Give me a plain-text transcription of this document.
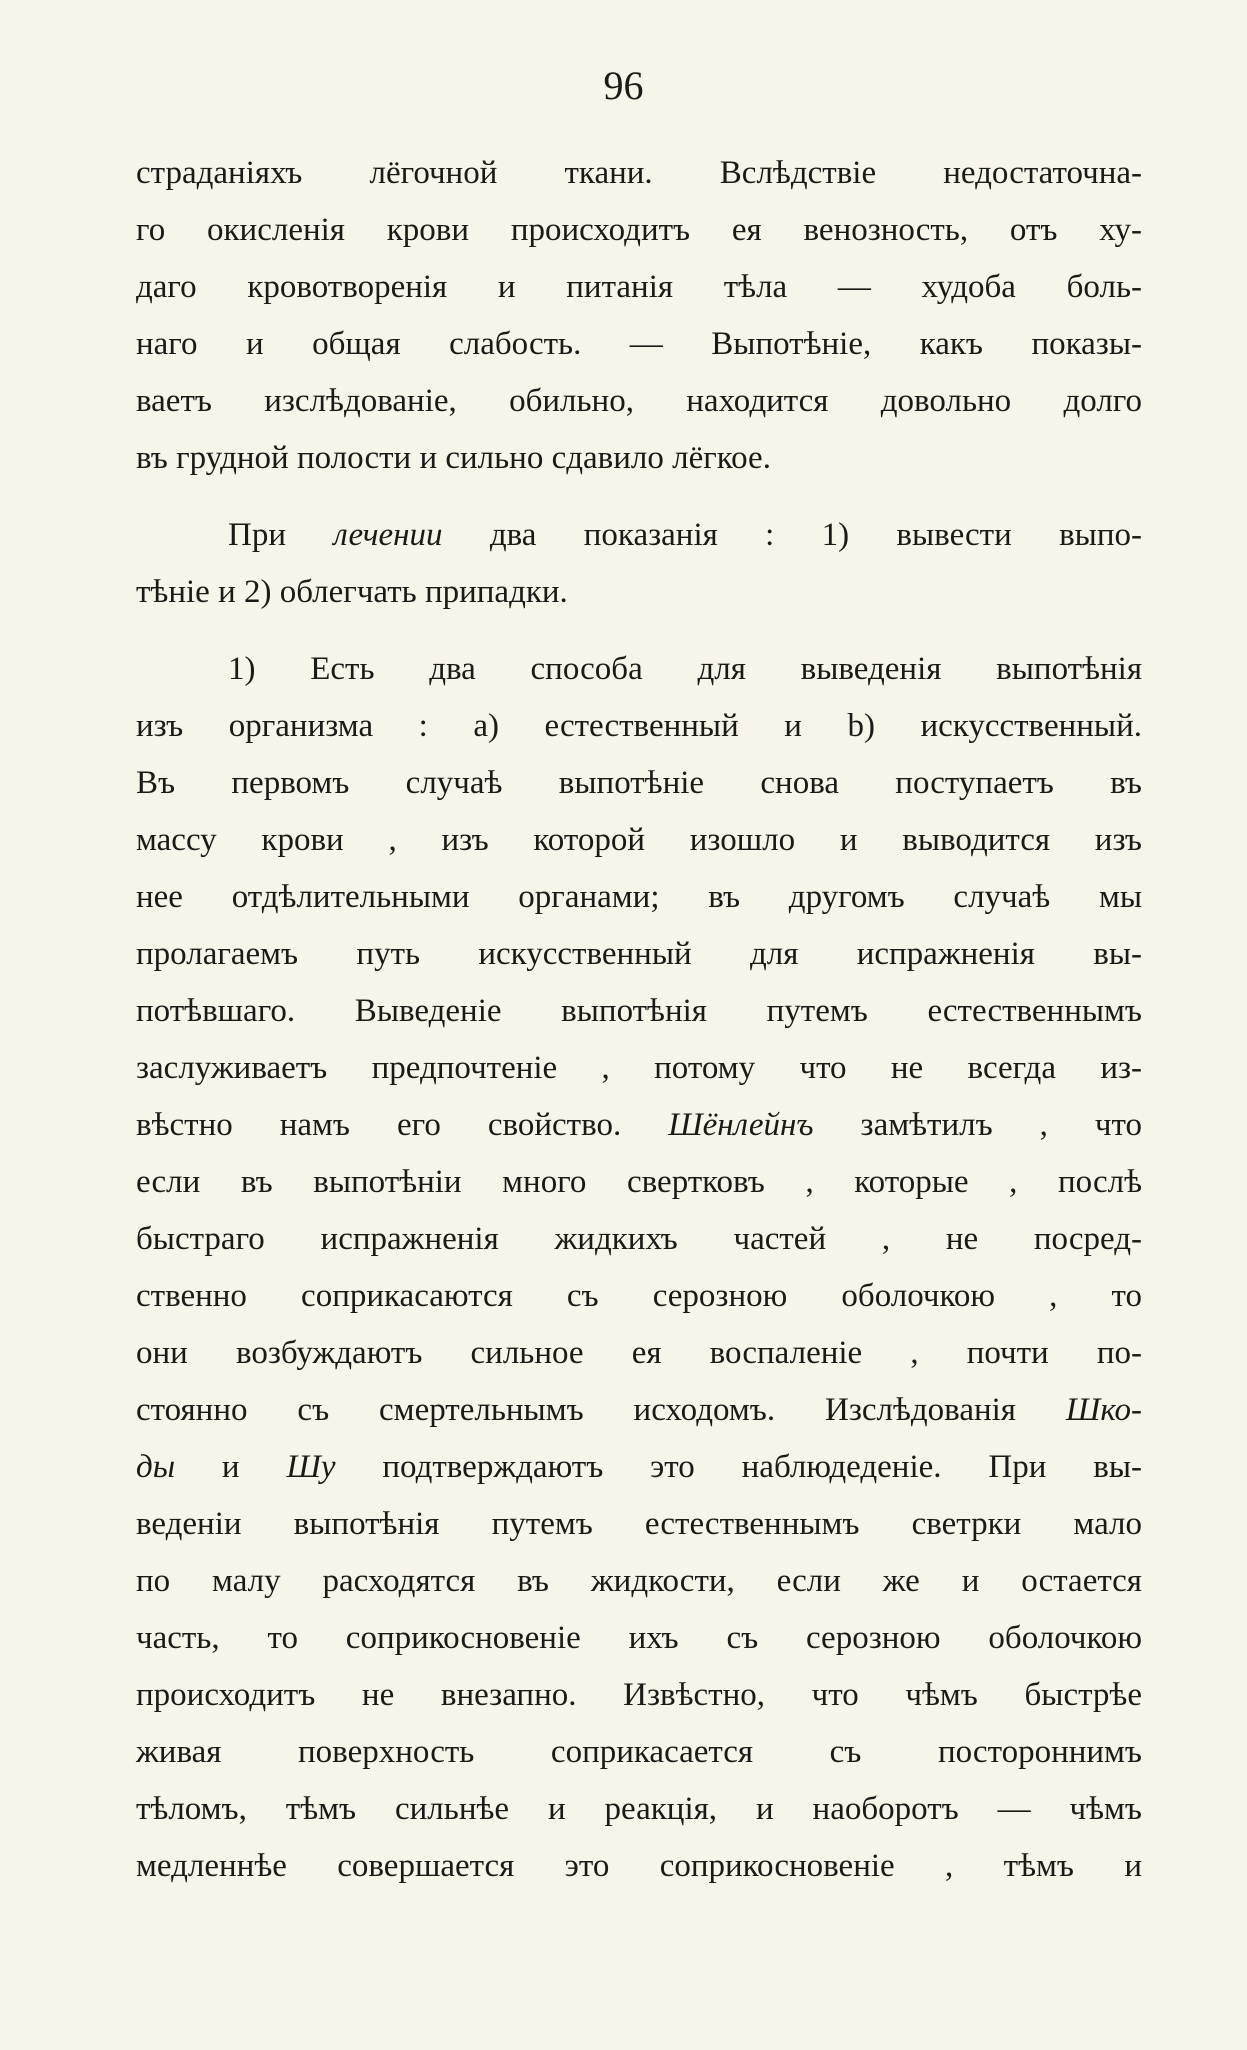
96
страданіяхъ лёгочной ткани. Вслѣдствіе недостаточна-
го окисленія крови происходитъ ея венозность, отъ ху-
даго кровотворенія и питанія тѣла — худоба боль-
наго и общая слабость. — Выпотѣніе, какъ показы-
ваетъ изслѣдованіе, обильно, находится довольно долго
въ грудной полости и сильно сдавило лёгкое.
При лечении два показанія : 1) вывести выпо-
тѣніе и 2) облегчать припадки.
1) Есть два способа для выведенія выпотѣнія
изъ организма : a) естественный и b) искусственный.
Въ первомъ случаѣ выпотѣніе снова поступаетъ въ
массу крови , изъ которой изошло и выводится изъ
нее отдѣлительными органами; въ другомъ случаѣ мы
пролагаемъ путь искусственный для испражненія вы-
потѣвшаго. Выведеніе выпотѣнія путемъ естественнымъ
заслуживаетъ предпочтеніе , потому что не всегда из-
вѣстно намъ его свойство. Шёнлейнъ замѣтилъ , что
если въ выпотѣніи много свертковъ , которые , послѣ
быстраго испражненія жидкихъ частей , не посред-
ственно соприкасаются съ серозною оболочкою , то
они возбуждаютъ сильное ея воспаленіе , почти по-
стоянно съ смертельнымъ исходомъ. Изслѣдованія Шко-
ды и Шу подтверждаютъ это наблюдеденіе. При вы-
веденіи выпотѣнія путемъ естественнымъ светрки мало
по малу расходятся въ жидкости, если же и остается
часть, то соприкосновеніе ихъ съ серозною оболочкою
происходитъ не внезапно. Извѣстно, что чѣмъ быстрѣе
живая поверхность соприкасается съ постороннимъ
тѣломъ, тѣмъ сильнѣе и реакція, и наоборотъ — чѣмъ
медленнѣе совершается это соприкосновеніе , тѣмъ и
